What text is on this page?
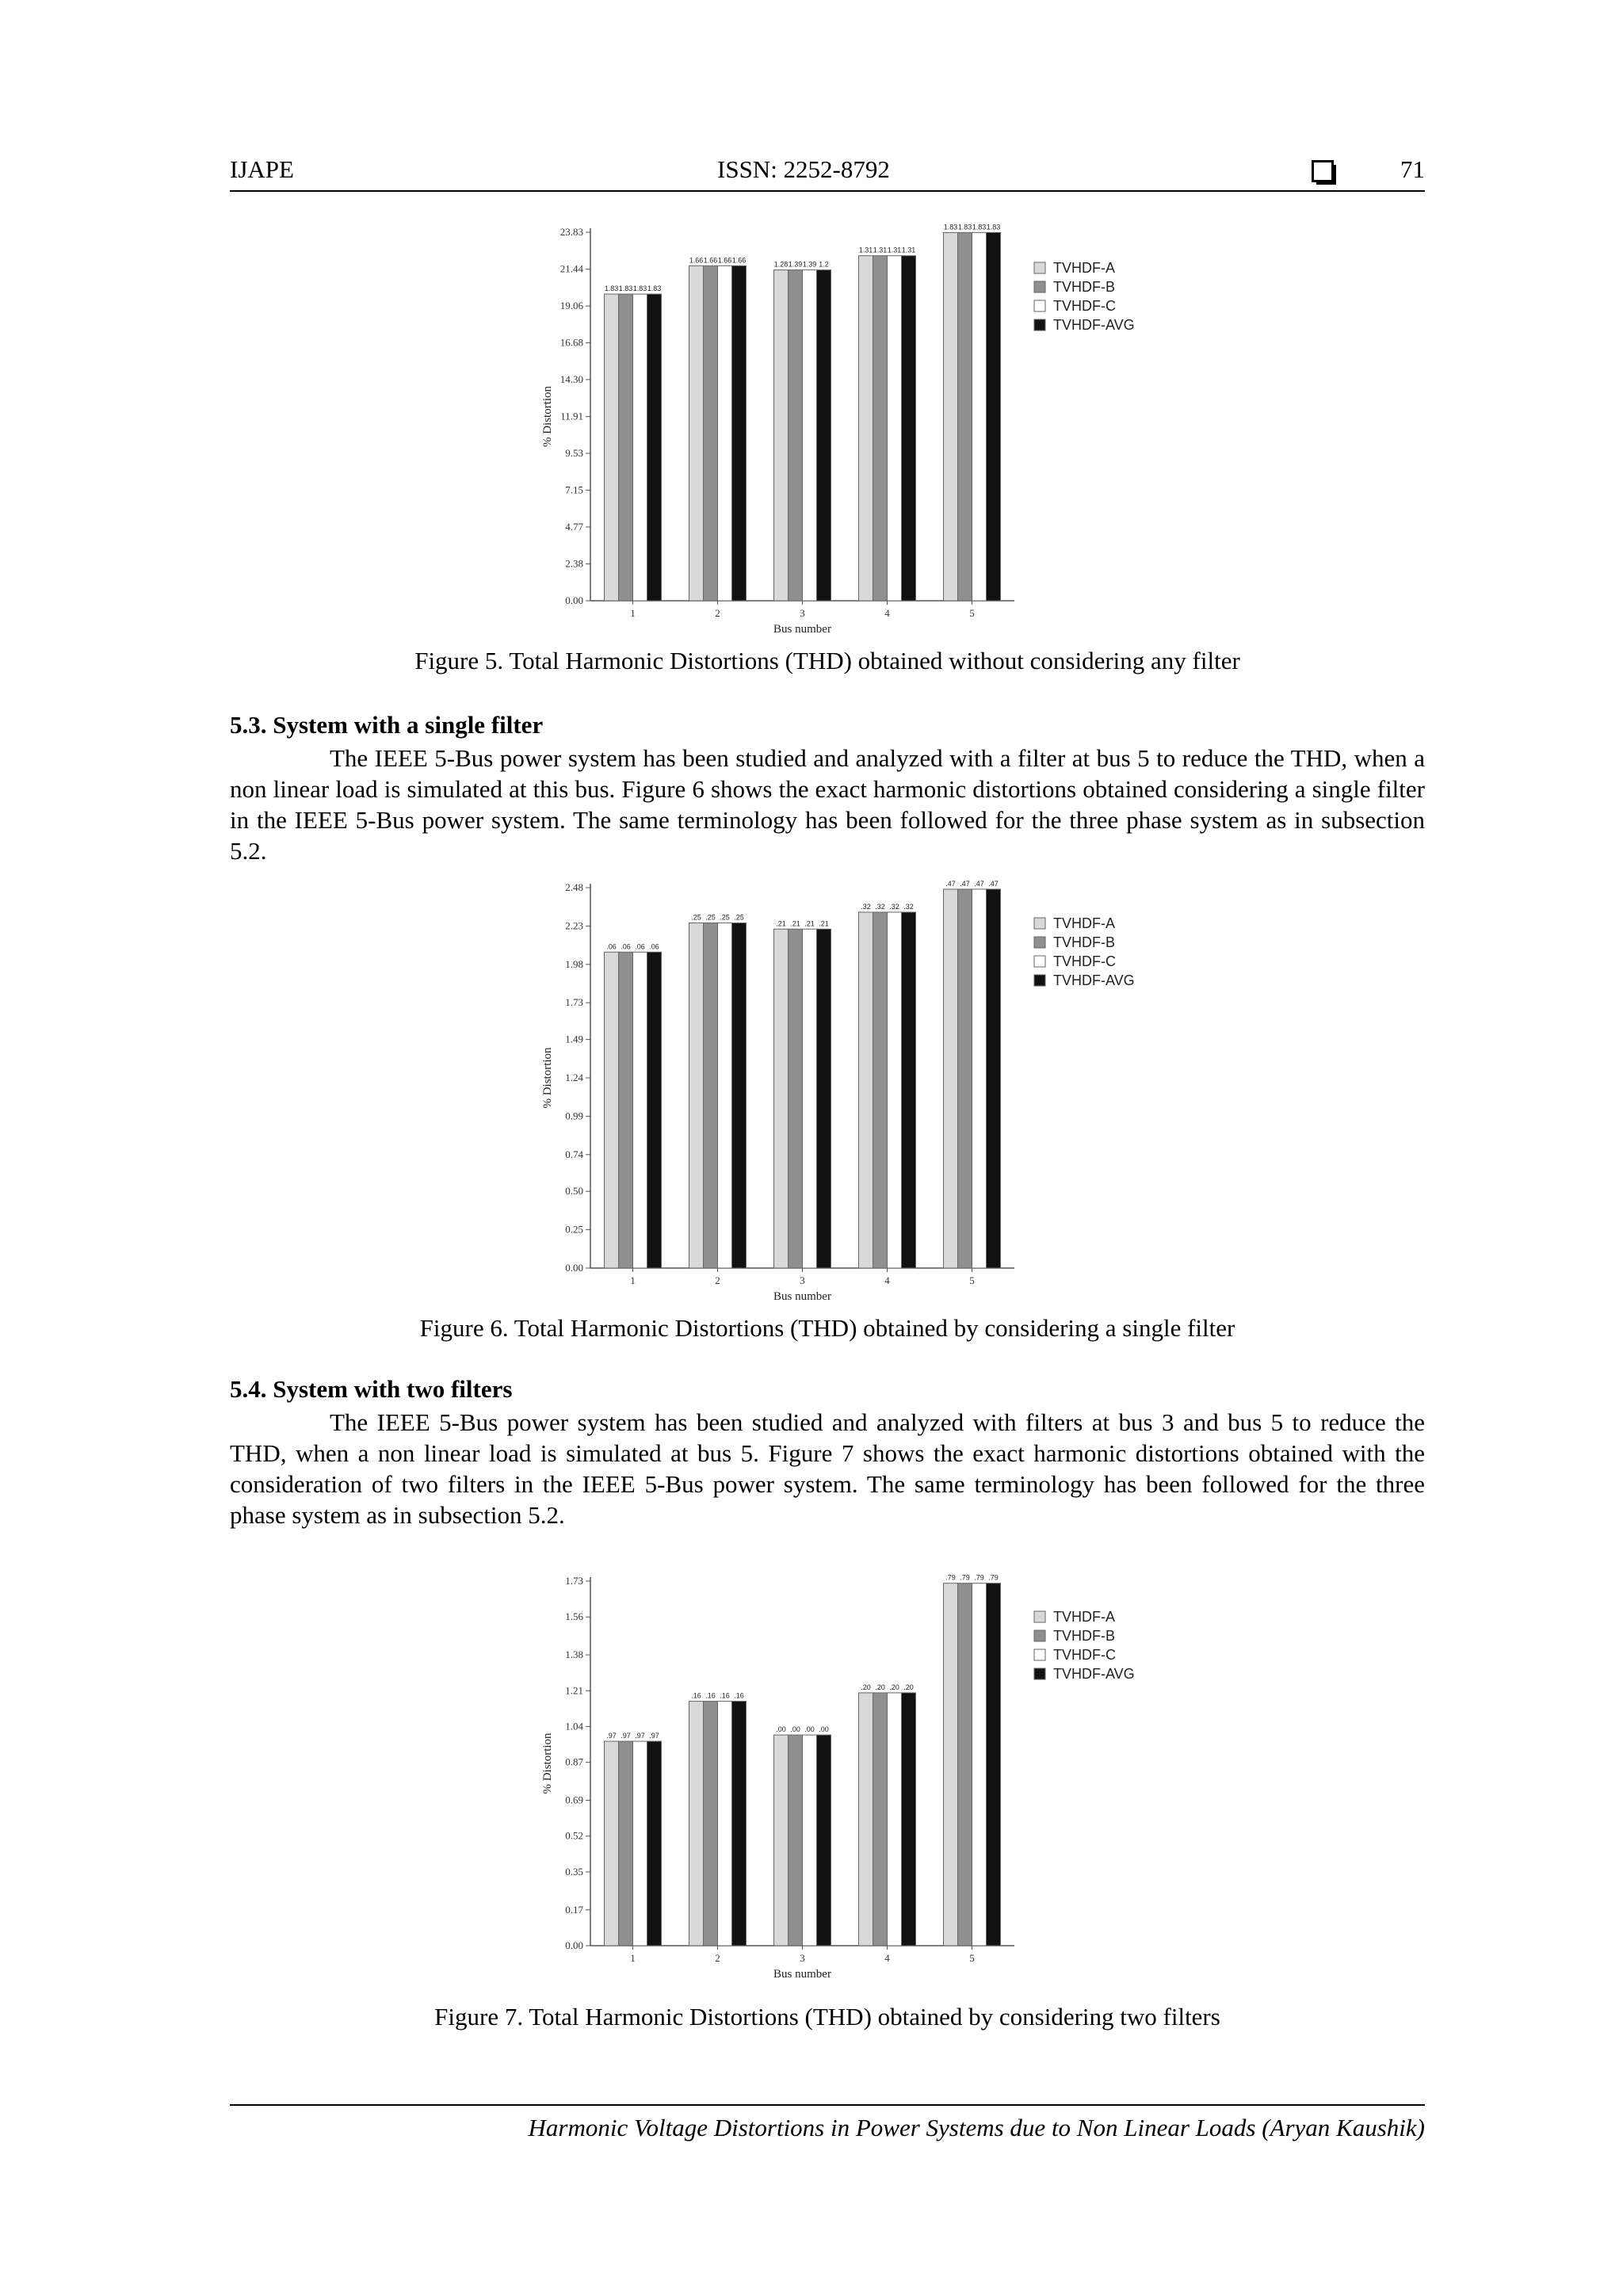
IJAPE	ISSN: 2252-8792	71
0.00
2.38
4.77
7.15
9.53
11.91
14.30
16.68
19.06
21.44
23.83
% Distortion
1.83 1.83 1.83 1.83
1
1.66 1.66 1.66 1.66
2
1.28 1.39 1.39 1.2
3
1.31 1.31 1.31 1.31
4
1.83 1.83 1.83 1.83
5
Bus number
TVHDF-A
TVHDF-B
TVHDF-C
TVHDF-AVG
Figure 5. Total Harmonic Distortions (THD) obtained without considering any filter
5.3. System with a single filter
The IEEE 5-Bus power system has been studied and analyzed with a filter at bus 5 to reduce the THD, when a non linear load is simulated at this bus. Figure 6 shows the exact harmonic distortions obtained considering a single filter in the IEEE 5-Bus power system. The same terminology has been followed for the three phase system as in subsection 5.2.
0.00
0.25
0.50
0.74
0.99
1.24
1.49
1.73
1.98
2.23
2.48
% Distortion
.06 .06 .06 .06
1
.25 .25 .25 .25
2
.21 .21 .21 .21
3
.32 .32 .32 .32
4
.47 .47 .47 .47
5
Bus number
TVHDF-A
TVHDF-B
TVHDF-C
TVHDF-AVG
Figure 6. Total Harmonic Distortions (THD) obtained by considering a single filter
5.4. System with two filters
The IEEE 5-Bus power system has been studied and analyzed with filters at bus 3 and bus 5 to reduce the THD, when a non linear load is simulated at bus 5. Figure 7 shows the exact harmonic distortions obtained with the consideration of two filters in the IEEE 5-Bus power system. The same terminology has been followed for the three phase system as in subsection 5.2.
0.00
0.17
0.35
0.52
0.69
0.87
1.04
1.21
1.38
1.56
1.73
% Distortion	.97 .97 .97 .97
1
.16 .16 .16 .16
2
.00 .00 .00 .00
3
.20 .20 .20 .20
4
.79 .79 .79 .79
5
Bus number
TVHDF-A
TVHDF-B
TVHDF-C
TVHDF-AVG
Figure 7. Total Harmonic Distortions (THD) obtained by considering two filters
Harmonic Voltage Distortions in Power Systems due to Non Linear Loads (Aryan Kaushik)
